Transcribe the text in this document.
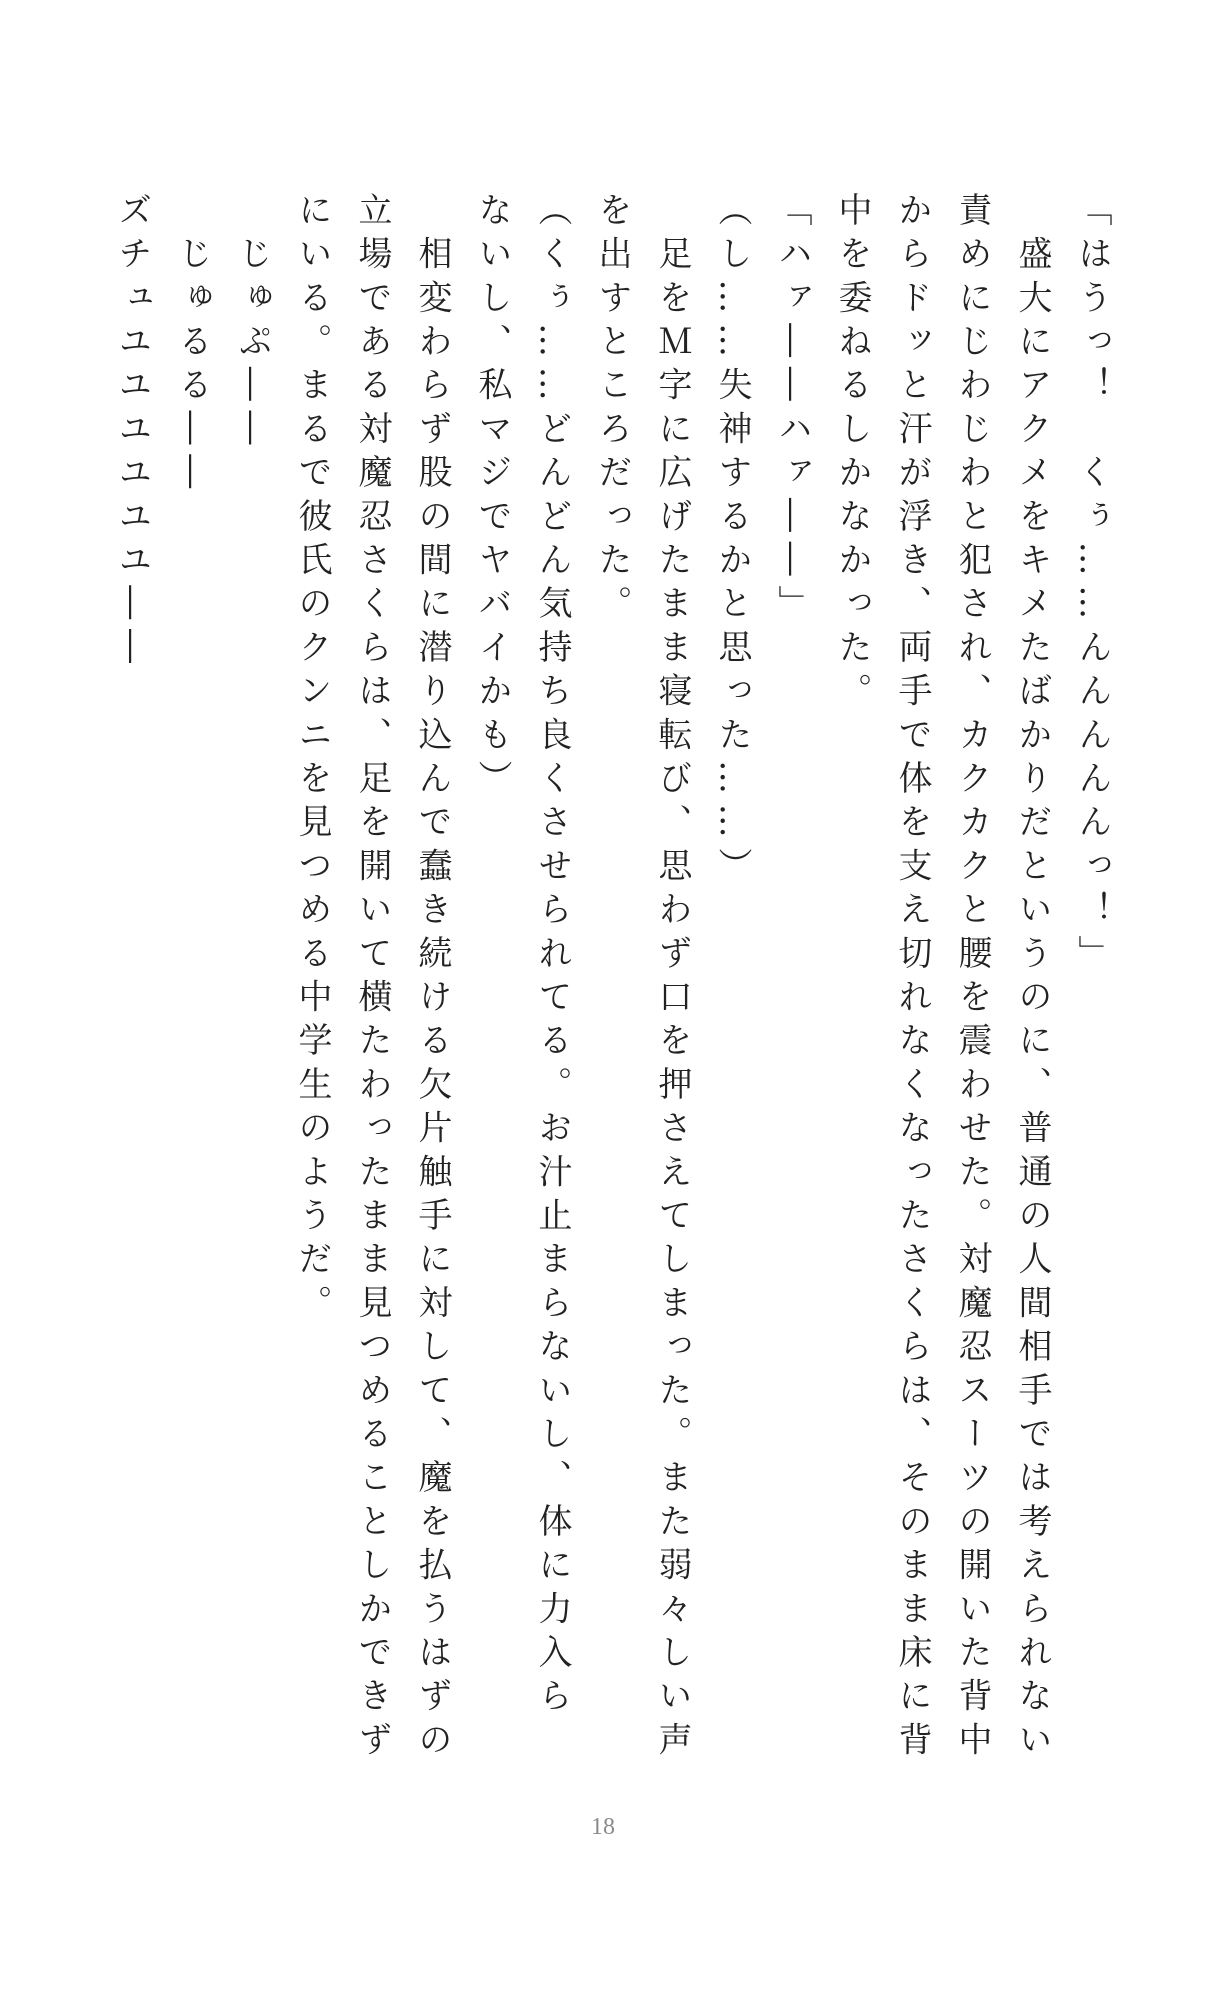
「はうっ！　くぅ……んんんんんっ！」
　盛大にアクメをキメたばかりだというのに、普通の人間相手では考えられない
責めにじわじわと犯され、カクカクと腰を震わせた。対魔忍スーツの開いた背中
からドッと汗が浮き、両手で体を支え切れなくなったさくらは、そのまま床に背
中を委ねるしかなかった。
「ハァ――ハァ――」
（し……失神するかと思った……）
　足をＭ字に広げたまま寝転び、思わず口を押さえてしまった。また弱々しい声
を出すところだった。
（くぅ……どんどん気持ち良くさせられてる。お汁止まらないし、体に力入ら
ないし、私マジでヤバイかも）
　相変わらず股の間に潜り込んで蠢き続ける欠片触手に対して、魔を払うはずの
立場である対魔忍さくらは、足を開いて横たわったまま見つめることしかできず
にいる。まるで彼氏のクンニを見つめる中学生のようだ。
　じゅぷ――
　じゅるる――
ズチュユユユユユユ――
18
